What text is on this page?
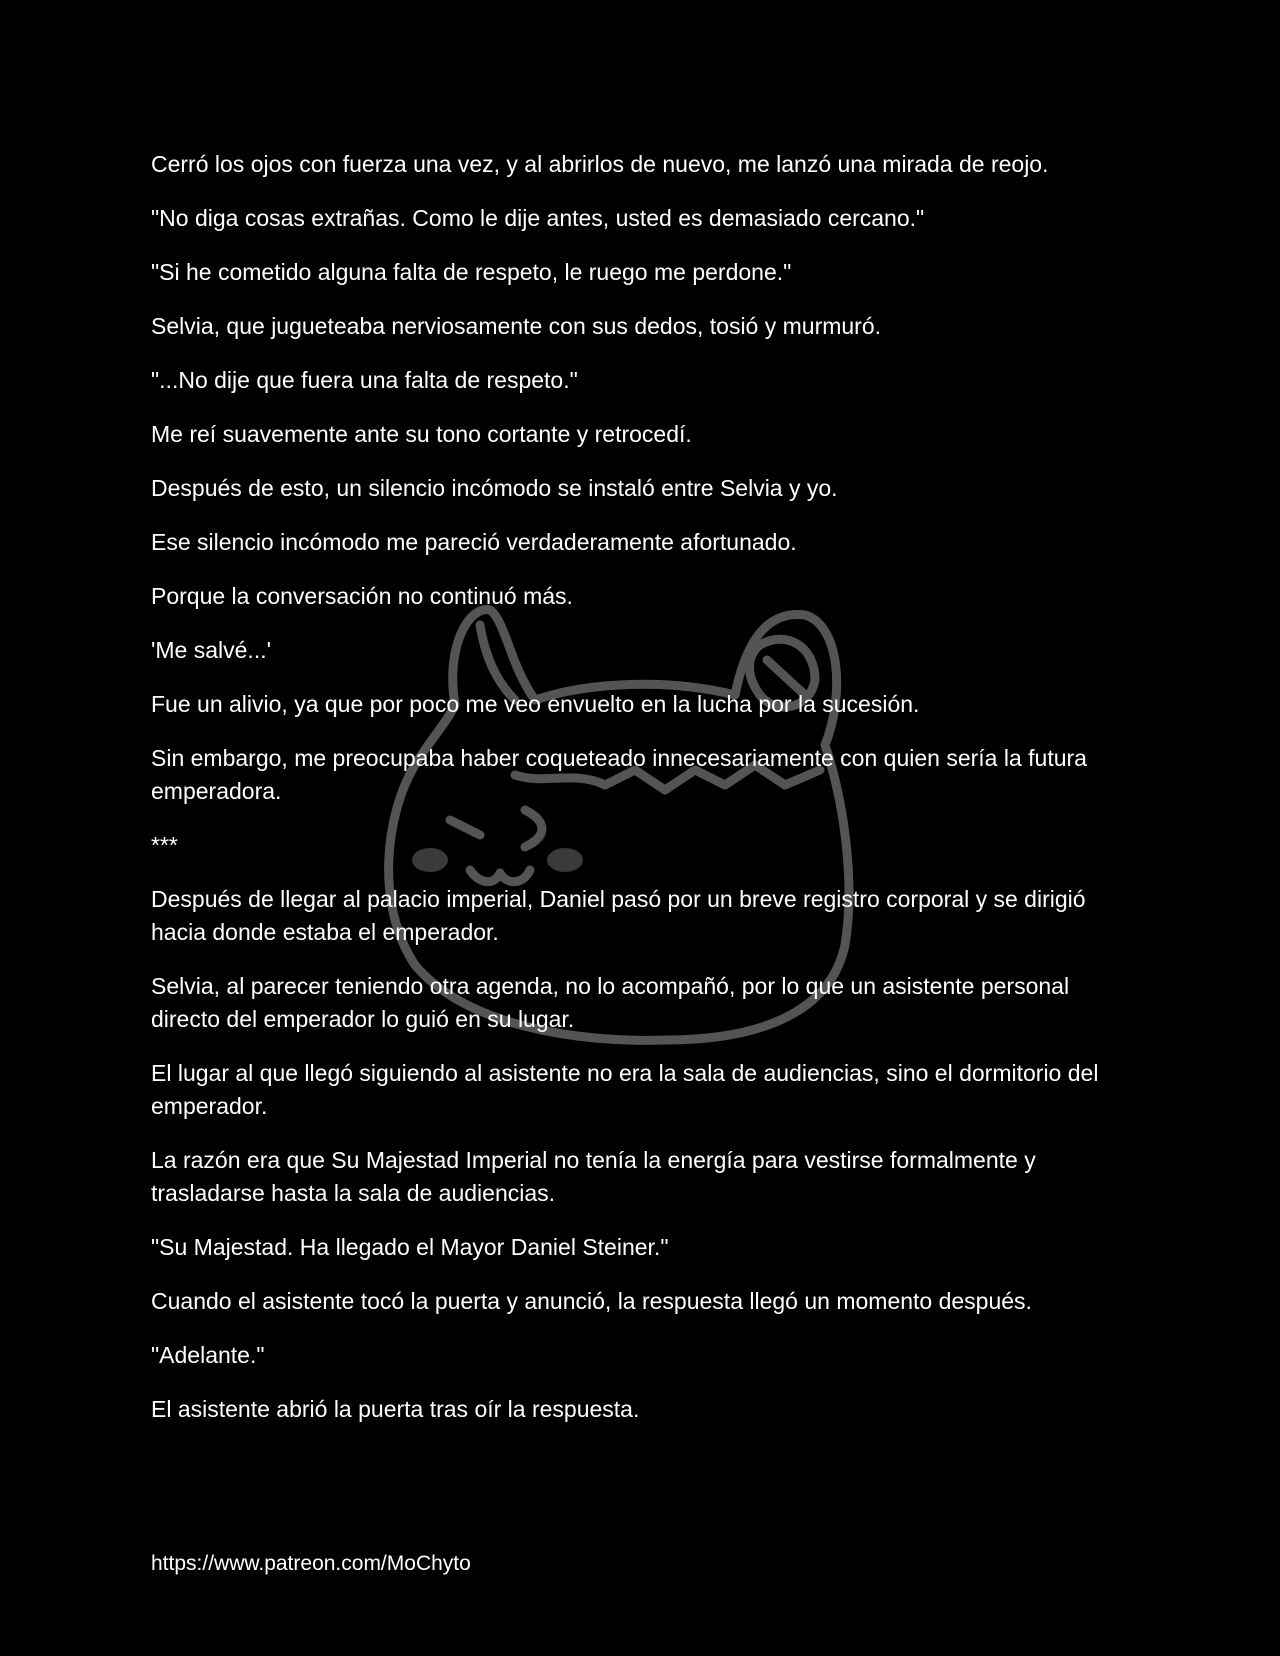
Cerró los ojos con fuerza una vez, y al abrirlos de nuevo, me lanzó una mirada de reojo.

"No diga cosas extrañas. Como le dije antes, usted es demasiado cercano."

"Si he cometido alguna falta de respeto, le ruego me perdone."

Selvia, que jugueteaba nerviosamente con sus dedos, tosió y murmuró.

"...No dije que fuera una falta de respeto."

Me reí suavemente ante su tono cortante y retrocedí.

Después de esto, un silencio incómodo se instaló entre Selvia y yo.

Ese silencio incómodo me pareció verdaderamente afortunado.

Porque la conversación no continuó más.

'Me salvé...'

Fue un alivio, ya que por poco me veo envuelto en la lucha por la sucesión.

Sin embargo, me preocupaba haber coqueteado innecesariamente con quien sería la futura emperadora.

***

Después de llegar al palacio imperial, Daniel pasó por un breve registro corporal y se dirigió hacia donde estaba el emperador.

Selvia, al parecer teniendo otra agenda, no lo acompañó, por lo que un asistente personal directo del emperador lo guió en su lugar.

El lugar al que llegó siguiendo al asistente no era la sala de audiencias, sino el dormitorio del emperador.

La razón era que Su Majestad Imperial no tenía la energía para vestirse formalmente y trasladarse hasta la sala de audiencias.

"Su Majestad. Ha llegado el Mayor Daniel Steiner."

Cuando el asistente tocó la puerta y anunció, la respuesta llegó un momento después.

"Adelante."

El asistente abrió la puerta tras oír la respuesta.

https://www.patreon.com/MoChyto
